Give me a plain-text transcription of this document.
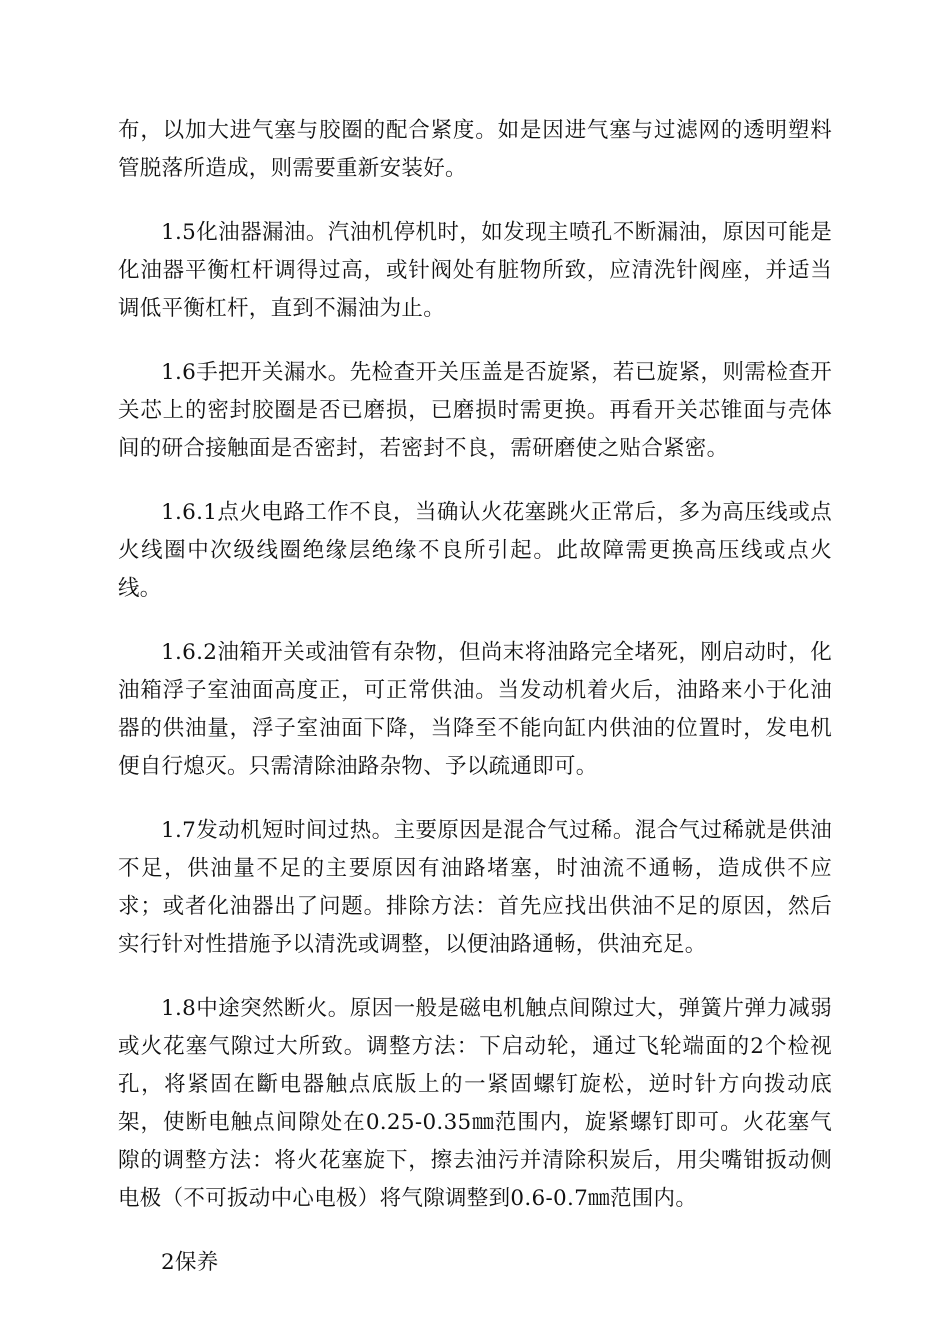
布，以加大进气塞与胶圈的配合紧度。如是因进气塞与过滤网的透明塑料管脱落所造成，则需要重新安装好。

1.5化油器漏油。汽油机停机时，如发现主喷孔不断漏油，原因可能是化油器平衡杠杆调得过高，或针阀处有脏物所致，应清洗针阀座，并适当调低平衡杠杆，直到不漏油为止。

1.6手把开关漏水。先检查开关压盖是否旋紧，若已旋紧，则需检查开关芯上的密封胶圈是否已磨损，已磨损时需更换。再看开关芯锥面与壳体间的研合接触面是否密封，若密封不良，需研磨使之贴合紧密。

1.6.1点火电路工作不良，当确认火花塞跳火正常后，多为高压线或点火线圈中次级线圈绝缘层绝缘不良所引起。此故障需更换高压线或点火线。

1.6.2油箱开关或油管有杂物，但尚末将油路完全堵死，刚启动时，化油箱浮子室油面高度正，可正常供油。当发动机着火后，油路来小于化油器的供油量，浮子室油面下降，当降至不能向缸内供油的位置时，发电机便自行熄灭。只需清除油路杂物、予以疏通即可。

1.7发动机短时间过热。主要原因是混合气过稀。混合气过稀就是供油不足，供油量不足的主要原因有油路堵塞，时油流不通畅，造成供不应求；或者化油器出了问题。排除方法：首先应找出供油不足的原因，然后实行针对性措施予以清洗或调整，以便油路通畅，供油充足。

1.8中途突然断火。原因一般是磁电机触点间隙过大，弹簧片弹力减弱或火花塞气隙过大所致。调整方法：下启动轮，通过飞轮端面的2个检视孔，将紧固在斷电器触点底版上的一紧固螺钉旋松，逆时针方向拨动底架，使断电触点间隙处在0.25-0.35㎜范围内，旋紧螺钉即可。火花塞气隙的调整方法：将火花塞旋下，擦去油污并清除积炭后，用尖嘴钳扳动侧电极（不可扳动中心电极）将气隙调整到0.6-0.7㎜范围内。

2保养
